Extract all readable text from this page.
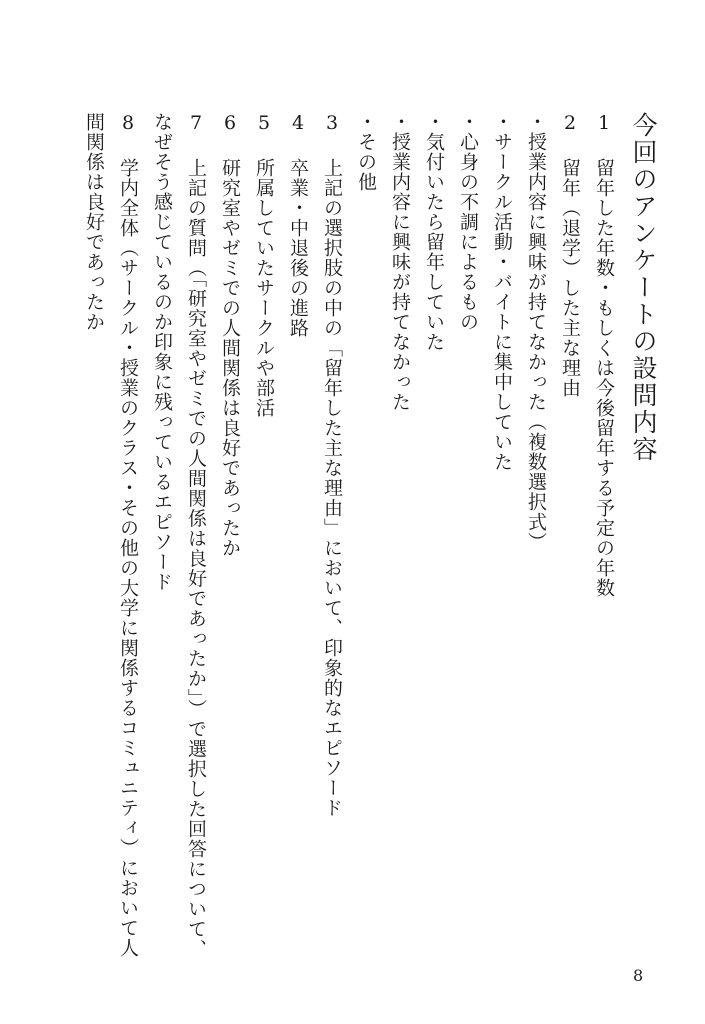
今回のアンケートの設問内容
1 留年した年数・もしくは今後留年する予定の年数
2 留年（退学）した主な理由
・授業内容に興味が持てなかった（複数選択式）
・サークル活動・バイトに集中していた
・心身の不調によるもの
・気付いたら留年していた
・授業内容に興味が持てなかった
・その他
3 上記の選択肢の中の「留年した主な理由」において、印象的なエピソード
4 卒業・中退後の進路
5 所属していたサークルや部活
6 研究室やゼミでの人間関係は良好であったか
7 上記の質問（「研究室やゼミでの人間関係は良好であったか」）で選択した回答について、
なぜそう感じているのか印象に残っているエピソード
8 学内全体（サークル・授業のクラス・その他の大学に関係するコミュニティ）において人
間関係は良好であったか
8
